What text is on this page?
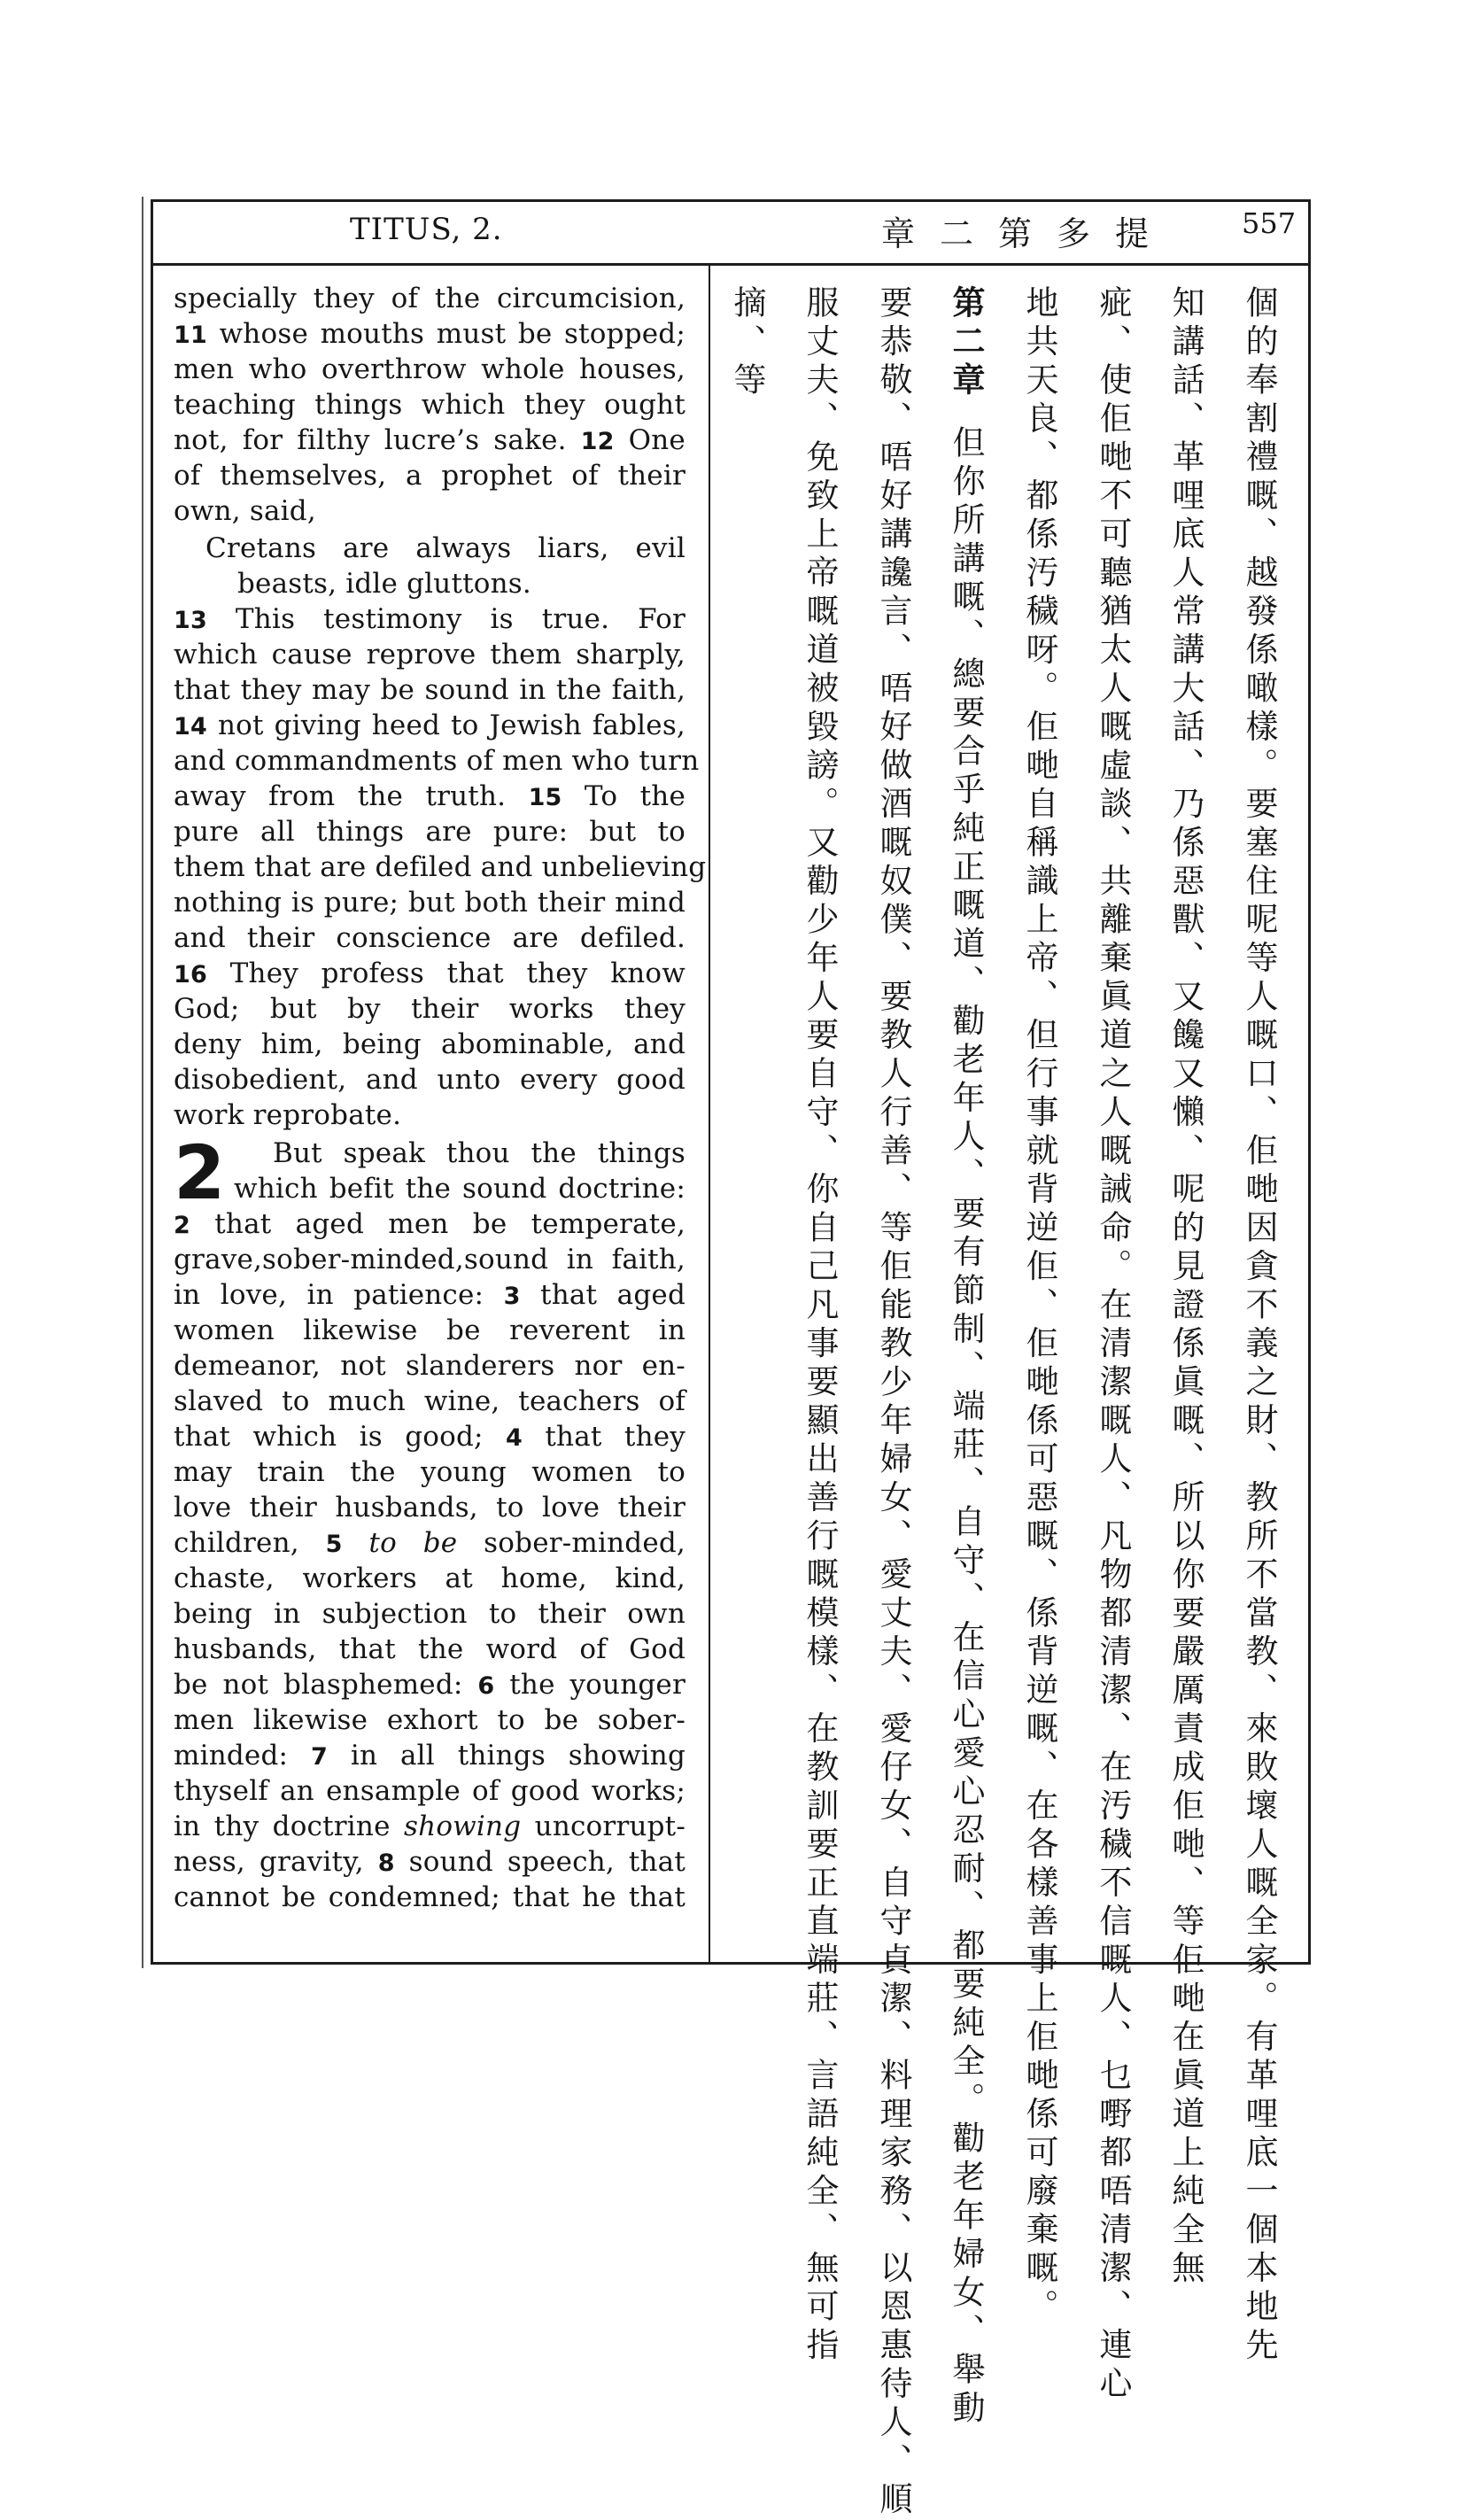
TITUS, 2.	章二第多提 557
specially they of the circumcision,
11 whose mouths must be stopped;
men who overthrow whole houses,
teaching things which they ought
not, for filthy lucre’s sake. 12 One
of themselves, a prophet of their
own, said,
Cretans are always liars, evil
beasts, idle gluttons.
13 This testimony is true. For
which cause reprove them sharply,
that they may be sound in the faith,
14 not giving heed to Jewish fables,
and commandments of men who turn
away from the truth. 15 To the
pure all things are pure: but to
them that are defiled and unbelieving
nothing is pure; but both their mind
and their conscience are defiled.
16 They profess that they know
God; but by their works they
deny him, being abominable, and
disobedient, and unto every good
work reprobate.
2 But speak thou the things
which befit the sound doctrine:
2 that aged men be temperate,
grave,sober-minded,sound in faith,
in love, in patience: 3 that aged
women likewise be reverent in
demeanor, not slanderers nor en-
slaved to much wine, teachers of
that which is good; 4 that they
may train the young women to
love their husbands, to love their
children, 5 to be sober-minded,
chaste, workers at home, kind,
being in subjection to their own
husbands, that the word of God
be not blasphemed: 6 the younger
men likewise exhort to be sober-
minded: 7 in all things showing
thyself an ensample of good works;
in thy doctrine showing uncorrupt-
ness, gravity, 8 sound speech, that
cannot be condemned; that he that	個的奉割禮嘅、越發係噉樣。要塞住呢等人嘅口、佢哋因貪不義之財、教所不當教、來敗壞人嘅全家。有革哩底一個本地先
知講話、革哩底人常講大話、乃係惡獸、又饞又懶、呢的見證係眞嘅、所以你要嚴厲責成佢哋、等佢哋在眞道上純全無
疵、使佢哋不可聽猶太人嘅虛談、共離棄眞道之人嘅誡命。在清潔嘅人、凡物都清潔、在汚穢不信嘅人、乜嘢都唔清潔、連心
地共天良、都係汚穢呀。佢哋自稱識上帝、但行事就背逆佢、佢哋係可惡嘅、係背逆嘅、在各樣善事上佢哋係可廢棄嘅。
第二章
但你所講嘅、總要合乎純正嘅道、勸老年人、要有節制、端莊、自守、在信心愛心忍耐、都要純全。勸老年婦女、舉動
要恭敬、唔好講讒言、唔好做酒嘅奴僕、要教人行善、等佢能教少年婦女、愛丈夫、愛仔女、自守貞潔、料理家務、以恩惠待人、順
服丈夫、免致上帝嘅道被毀謗。又勸少年人要自守、你自己凡事要顯出善行嘅模樣、在教訓要正直端莊、言語純全、無可指
摘、等
